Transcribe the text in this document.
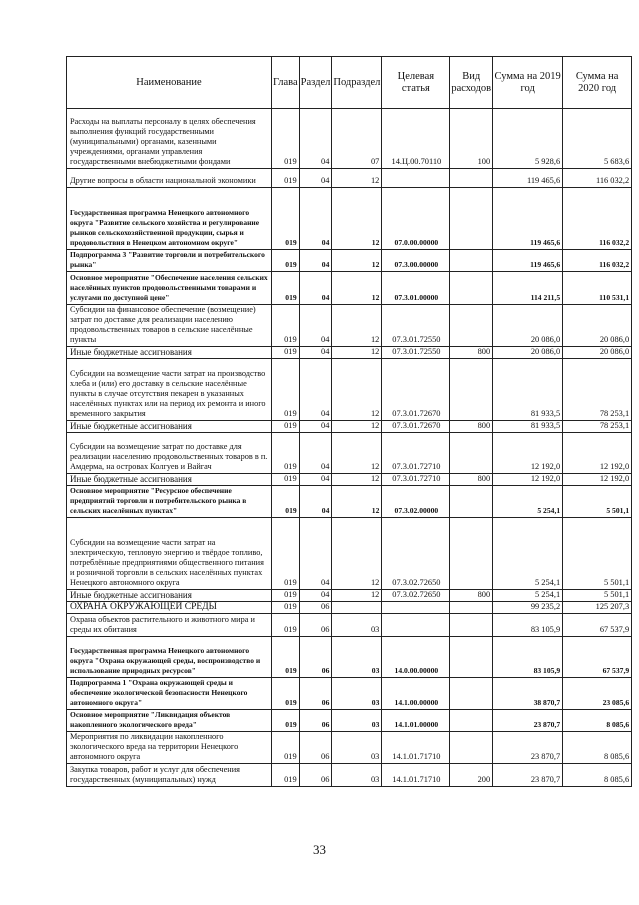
Наименование	Глава	Раздел	Подраздел	Целевая статья	Вид расходов	Сумма на 2019 год	Сумма на 2020 год
Расходы на выплаты персоналу в целях обеспечения выполнения функций государственными (муниципальными) органами, казенными учреждениями, органами управления государственными внебюджетными фондами	019	04	07	14.Ц.00.70110	100	5 928,6	5 683,6
Другие вопросы в области национальной экономики	019	04	12			119 465,6	116 032,2
Государственная программа Ненецкого автономного округа "Развитие сельского хозяйства и регулирование рынков сельскохозяйственной продукции, сырья и продовольствия в Ненецком автономном округе"	019	04	12	07.0.00.00000		119 465,6	116 032,2
Подпрограмма 3 "Развитие торговли и потребительского рынка"	019	04	12	07.3.00.00000		119 465,6	116 032,2
Основное мероприятие "Обеспечение населения сельских населённых пунктов продовольственными товарами и услугами по доступной цене"	019	04	12	07.3.01.00000		114 211,5	110 531,1
Субсидии на финансовое обеспечение (возмещение) затрат по доставке для реализации населению продовольственных товаров в сельские населённые пункты	019	04	12	07.3.01.72550		20 086,0	20 086,0
Иные бюджетные ассигнования	019	04	12	07.3.01.72550	800	20 086,0	20 086,0
Субсидии на возмещение части затрат на производство хлеба и (или) его доставку в сельские населённые пункты в случае отсутствия пекарен в указанных населённых пунктах или на период их ремонта и иного временного закрытия	019	04	12	07.3.01.72670		81 933,5	78 253,1
Иные бюджетные ассигнования	019	04	12	07.3.01.72670	800	81 933,5	78 253,1
Субсидии на возмещение затрат по доставке для реализации населению продовольственных товаров в п. Амдерма, на островах Колгуев и Вайгач	019	04	12	07.3.01.72710		12 192,0	12 192,0
Иные бюджетные ассигнования	019	04	12	07.3.01.72710	800	12 192,0	12 192,0
Основное мероприятие "Ресурсное обеспечение предприятий торговли и потребительского рынка в сельских населённых пунктах"	019	04	12	07.3.02.00000		5 254,1	5 501,1
Субсидии на возмещение части затрат на электрическую, тепловую энергию и твёрдое топливо, потреблённые предприятиями общественного питания и розничной торговли в сельских населённых пунктах Ненецкого автономного округа	019	04	12	07.3.02.72650		5 254,1	5 501,1
Иные бюджетные ассигнования	019	04	12	07.3.02.72650	800	5 254,1	5 501,1
ОХРАНА ОКРУЖАЮЩЕЙ СРЕДЫ	019	06				99 235,2	125 207,3
Охрана объектов растительного и животного мира и среды их обитания	019	06	03			83 105,9	67 537,9
Государственная программа Ненецкого автономного округа "Охрана окружающей среды, воспроизводство и использование природных ресурсов"	019	06	03	14.0.00.00000		83 105,9	67 537,9
Подпрограмма 1 "Охрана окружающей среды и обеспечение экологической безопасности Ненецкого автономного округа"	019	06	03	14.1.00.00000		38 870,7	23 085,6
Основное мероприятие "Ликвидация объектов накопленного экологического вреда"	019	06	03	14.1.01.00000		23 870,7	8 085,6
Мероприятия по ликвидации накопленного экологического вреда на территории Ненецкого автономного округа	019	06	03	14.1.01.71710		23 870,7	8 085,6
Закупка товаров, работ и услуг для обеспечения государственных (муниципальных) нужд	019	06	03	14.1.01.71710	200	23 870,7	8 085,6
33
